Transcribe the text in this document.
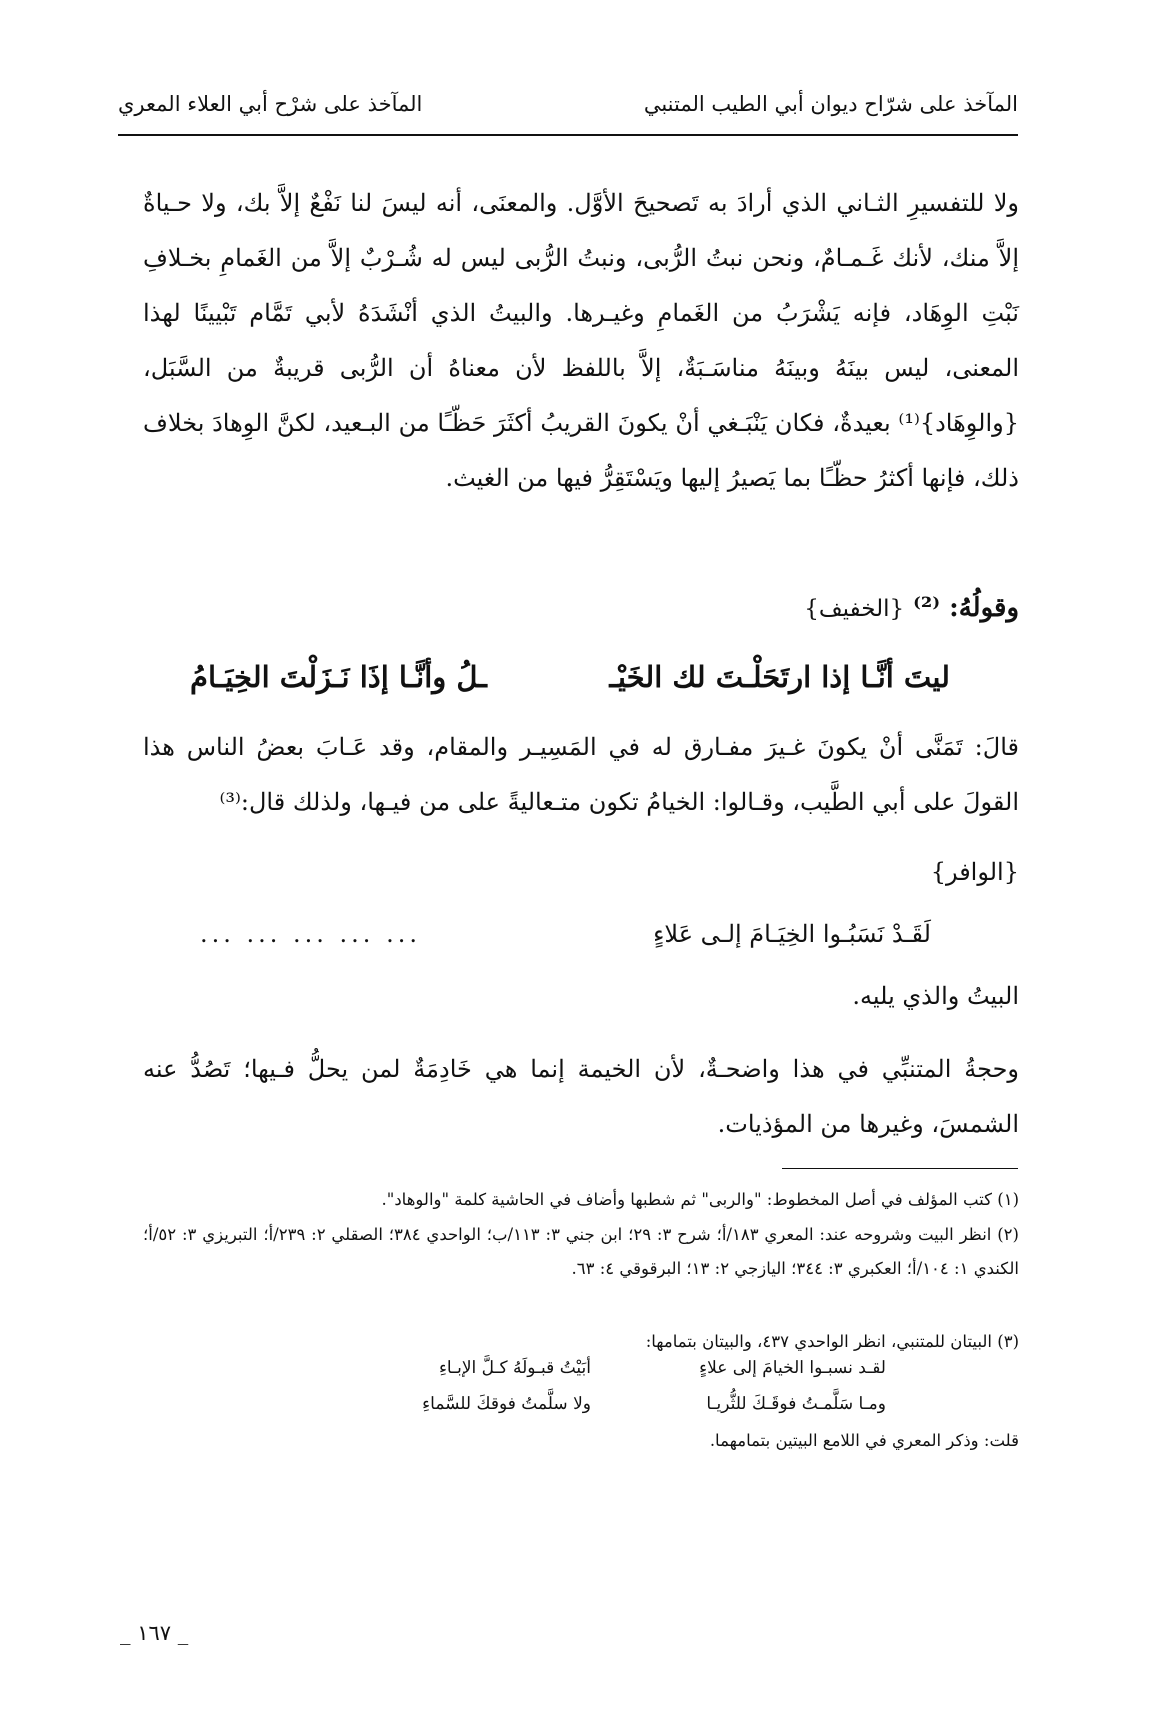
المآخذ على شرّاح ديوان أبي الطيب المتنبي
المآخذ على شرْح أبي العلاء المعري
ولا للتفسيرِ الثـاني الذي أرادَ به تَصحيحَ الأوَّل. والمعنَى، أنه ليسَ لنا نَفْعٌ إلاَّ بك، ولا حـياةٌ إلاَّ منك، لأنك غَـمـامٌ، ونحن نبتُ الرُّبى، ونبتُ الرُّبى ليس له شُـرْبٌ إلاَّ من الغَمامِ بخـلافِ نَبْتِ الوِهَاد، فإنه يَشْرَبُ من الغَمامِ وغيـرها. والبيتُ الذي أنْشَدَهُ لأبي تَمَّام تَبْيينًا لهذا المعنى، ليس بينَهُ وبينَهُ مناسَـبَةٌ، إلاَّ باللفظ لأن معناهُ أن الرُّبى قريبةٌ من السَّبَل، {والوِهَاد}⁽¹⁾ بعيدةٌ، فكان يَنْبَـغي أنْ يكونَ القريبُ أكثَرَ حَظّـًا من البـعيد، لكنَّ الوِهادَ بخلاف ذلك، فإنها أكثرُ حظّـًا بما يَصيرُ إليها ويَسْتَقِرُّ فيها من الغيث.
وقولُهُ: ⁽²⁾ {الخفيف}
ليتَ أنَّـا إذا ارتَحَلْـتَ لك الخَيْـ
ـلُ وأنَّـا إذَا نَـزَلْتَ الخِيَـامُ
قالَ: تَمَنَّى أنْ يكونَ غـيرَ مفـارق له في المَسِيـر والمقام، وقد عَـابَ بعضُ الناس هذا القولَ على أبي الطَّيب، وقـالوا: الخيامُ تكون متـعاليةً على من فيـها، ولذلك قال:⁽³⁾
{الوافر}
لَقَـدْ نَسَبُـوا الخِيَـامَ إلـى عَلاءٍ
... ... ... ... ...
البيتُ والذي يليه.
وحجةُ المتنبِّي في هذا واضحـةٌ، لأن الخيمة إنما هي خَادِمَةٌ لمن يحلُّ فـيها؛ تَصُدُّ عنه الشمسَ، وغيرها من المؤذيات.
(١) كتب المؤلف في أصل المخطوط: "والربى" ثم شطبها وأضاف في الحاشية كلمة "والوهاد".
(٢) انظر البيت وشروحه عند: المعري ١٨٣/أ؛ شرح ٣: ٢٩؛ ابن جني ٣: ١١٣/ب؛ الواحدي ٣٨٤؛ الصقلي ٢: ٢٣٩/أ؛ التبريزي ٣: ٥٢/أ؛ الكندي ١: ١٠٤/أ؛ العكبري ٣: ٣٤٤؛ اليازجي ٢: ١٣؛ البرقوقي ٤: ٦٣.
(٣) البيتان للمتنبي، انظر الواحدي ٤٣٧، والبيتان بتمامها:
لقـد نسبـوا الخيامَ إلى علاءٍ
أبَيْتُ قبـولَهُ كـلَّ الإبـاءِ
ومـا سَلَّمـتُ فوقَـكَ للثُّريـا
ولا سلَّمتُ فوقكَ للسَّماءِ
قلت: وذكر المعري في اللامع البيتين بتمامهما.
_ ١٦٧ _
